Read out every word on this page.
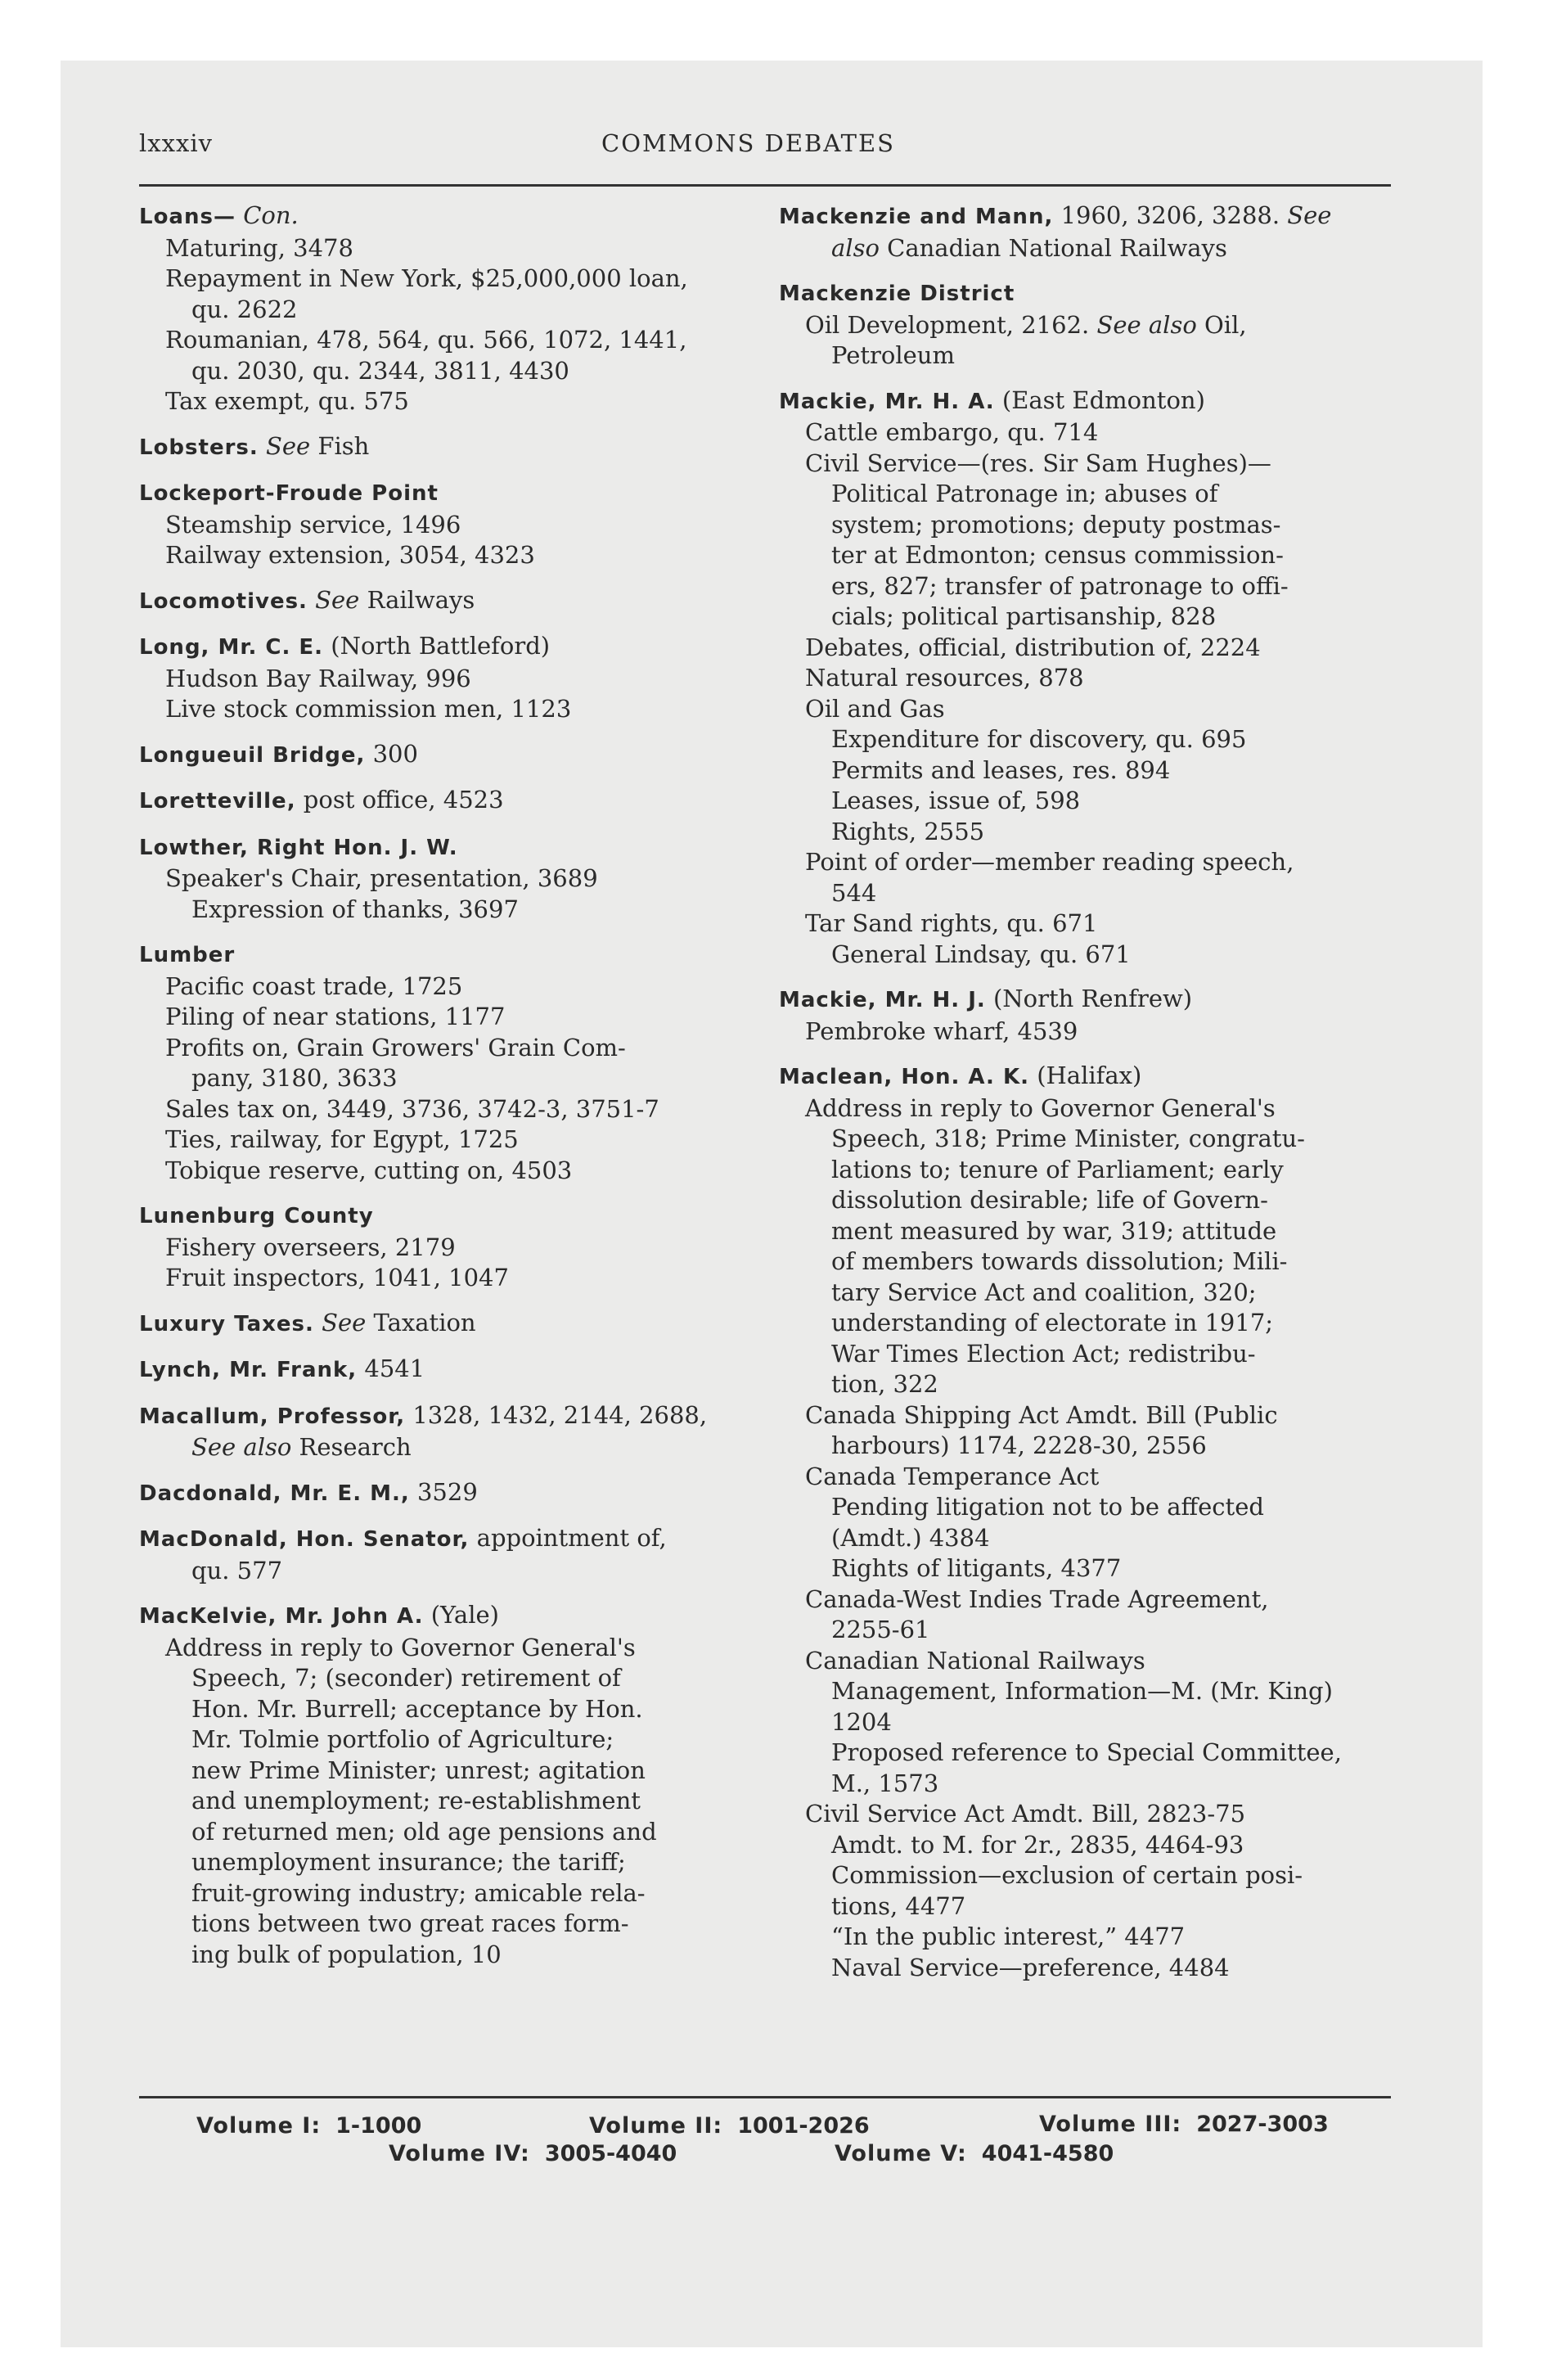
lxxxiv	COMMONS DEBATES
Loans— Con.
Maturing, 3478
Repayment in New York, $25,000,000 loan,
qu. 2622
Roumanian, 478, 564, qu. 566, 1072, 1441,
qu. 2030, qu. 2344, 3811, 4430
Tax exempt, qu. 575
Lobsters. See Fish
Lockeport-Froude Point
Steamship service, 1496
Railway extension, 3054, 4323
Locomotives. See Railways
Long, Mr. C. E. (North Battleford)
Hudson Bay Railway, 996
Live stock commission men, 1123
Longueuil Bridge, 300
Loretteville, post office, 4523
Lowther, Right Hon. J. W.
Speaker's Chair, presentation, 3689
Expression of thanks, 3697
Lumber
Pacific coast trade, 1725
Piling of near stations, 1177
Profits on, Grain Growers' Grain Com-
pany, 3180, 3633
Sales tax on, 3449, 3736, 3742-3, 3751-7
Ties, railway, for Egypt, 1725
Tobique reserve, cutting on, 4503
Lunenburg County
Fishery overseers, 2179
Fruit inspectors, 1041, 1047
Luxury Taxes. See Taxation
Lynch, Mr. Frank, 4541
Macallum, Professor, 1328, 1432, 2144, 2688,
See also Research
Dacdonald, Mr. E. M., 3529
MacDonald, Hon. Senator, appointment of,
qu. 577
MacKelvie, Mr. John A. (Yale)
Address in reply to Governor General's
Speech, 7; (seconder) retirement of
Hon. Mr. Burrell; acceptance by Hon.
Mr. Tolmie portfolio of Agriculture;
new Prime Minister; unrest; agitation
and unemployment; re-establishment
of returned men; old age pensions and
unemployment insurance; the tariff;
fruit-growing industry; amicable rela-
tions between two great races form-
ing bulk of population, 10
Mackenzie and Mann, 1960, 3206, 3288. See
also Canadian National Railways
Mackenzie District
Oil Development, 2162. See also Oil,
Petroleum
Mackie, Mr. H. A. (East Edmonton)
Cattle embargo, qu. 714
Civil Service—(res. Sir Sam Hughes)—
Political Patronage in; abuses of
system; promotions; deputy postmas-
ter at Edmonton; census commission-
ers, 827; transfer of patronage to offi-
cials; political partisanship, 828
Debates, official, distribution of, 2224
Natural resources, 878
Oil and Gas
Expenditure for discovery, qu. 695
Permits and leases, res. 894
Leases, issue of, 598
Rights, 2555
Point of order—member reading speech,
544
Tar Sand rights, qu. 671
General Lindsay, qu. 671
Mackie, Mr. H. J. (North Renfrew)
Pembroke wharf, 4539
Maclean, Hon. A. K. (Halifax)
Address in reply to Governor General's
Speech, 318; Prime Minister, congratu-
lations to; tenure of Parliament; early
dissolution desirable; life of Govern-
ment measured by war, 319; attitude
of members towards dissolution; Mili-
tary Service Act and coalition, 320;
understanding of electorate in 1917;
War Times Election Act; redistribu-
tion, 322
Canada Shipping Act Amdt. Bill (Public
harbours) 1174, 2228-30, 2556
Canada Temperance Act
Pending litigation not to be affected
(Amdt.) 4384
Rights of litigants, 4377
Canada-West Indies Trade Agreement,
2255-61
Canadian National Railways
Management, Information—M. (Mr. King)
1204
Proposed reference to Special Committee,
M., 1573
Civil Service Act Amdt. Bill, 2823-75
Amdt. to M. for 2r., 2835, 4464-93
Commission—exclusion of certain posi-
tions, 4477
“In the public interest,” 4477
Naval Service—preference, 4484
Volume I: 1-1000	Volume II: 1001-2026	Volume III: 2027-3003
Volume IV: 3005-4040	Volume V: 4041-4580
